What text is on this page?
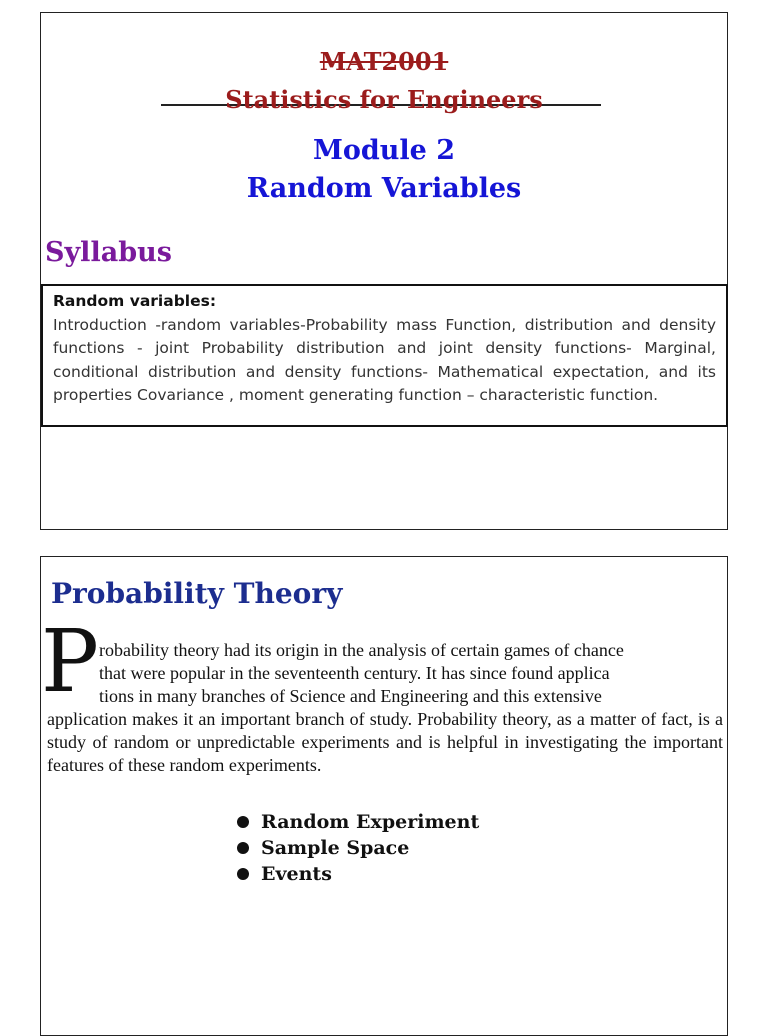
MAT2001
Statistics for Engineers
Module 2
Random Variables
Syllabus
Random variables:
Introduction -random variables-Probability mass Function, distribution and density functions - joint Probability distribution and joint density functions- Marginal, conditional distribution and density functions- Mathematical expectation, and its properties Covariance , moment generating function – characteristic function.
Probability Theory
P robability theory had its origin in the analysis of certain games of chance
that were popular in the seventeenth century. It has since found applica
tions in many branches of Science and Engineering and this extensive
application makes it an important branch of study. Probability theory, as a matter of fact, is a study of random or unpredictable experiments and is helpful in investigating the important features of these random experiments.
Random Experiment
Sample Space
Events
